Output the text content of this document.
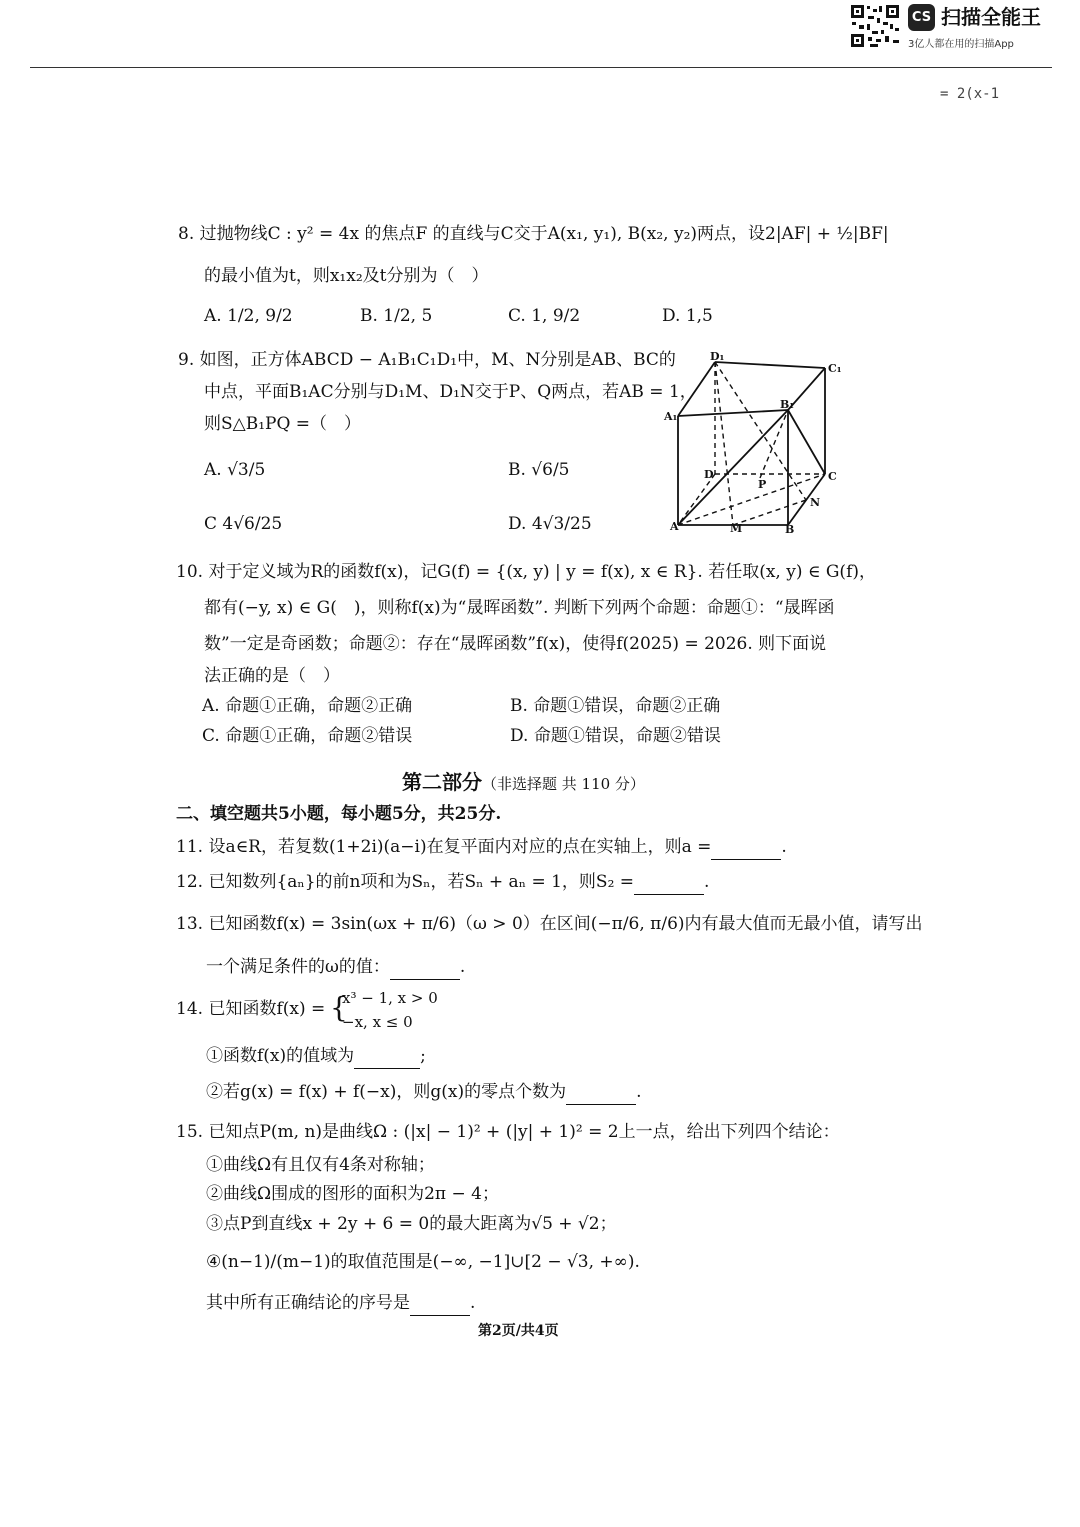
CS 扫描全能王
3亿人都在用的扫描App
= 2(x-1
8. 过抛物线C : y² = 4x 的焦点F 的直线与C交于A(x₁, y₁), B(x₂, y₂)两点，设2|AF| + ½|BF|
的最小值为t，则x₁x₂及t分别为（　）
A. 1/2, 9/2	B. 1/2, 5	C. 1, 9/2	D. 1,5
9. 如图，正方体ABCD − A₁B₁C₁D₁中，M、N分别是AB、BC的
中点，平面B₁AC分别与D₁M、D₁N交于P、Q两点，若AB = 1，
则S△B₁PQ =（　）
A. √3/5	B. √6/5
C 4√6/25	D. 4√3/25
D₁
C₁
A₁
B₁
D
P
C
A	M
N
B
10. 对于定义域为R的函数f(x)，记G(f) = {(x, y) | y = f(x), x ∈ R}. 若任取(x, y) ∈ G(f)，
都有(−y, x) ∈ G(　)，则称f(x)为“晟晖函数”. 判断下列两个命题：命题①：“晟晖函
数”一定是奇函数；命题②：存在“晟晖函数”f(x)，使得f(2025) = 2026. 则下面说
法正确的是（　）
A. 命题①正确，命题②正确	B. 命题①错误，命题②正确
C. 命题①正确，命题②错误	D. 命题①错误，命题②错误
第二部分（非选择题 共 110 分）
二、填空题共5小题，每小题5分，共25分.
11. 设a∈R，若复数(1+2i)(a−i)在复平面内对应的点在实轴上，则a =	.
12. 已知数列{aₙ}的前n项和为Sₙ，若Sₙ + aₙ = 1，则S₂ =	.
13. 已知函数f(x) = 3sin(ωx + π/6)（ω > 0）在区间(−π/6, π/6)内有最大值而无最小值，请写出
一个满足条件的ω的值：	.
14. 已知函数f(x) = {
x³ − 1, x > 0
−x, x ≤ 0
①函数f(x)的值域为	;
②若g(x) = f(x) + f(−x)，则g(x)的零点个数为	.
15. 已知点P(m, n)是曲线Ω : (|x| − 1)² + (|y| + 1)² = 2上一点，给出下列四个结论：
①曲线Ω有且仅有4条对称轴；
②曲线Ω围成的图形的面积为2π − 4；
③点P到直线x + 2y + 6 = 0的最大距离为√5 + √2；
④(n−1)/(m−1)的取值范围是(−∞, −1]∪[2 − √3, +∞).
其中所有正确结论的序号是	.
第2页/共4页
